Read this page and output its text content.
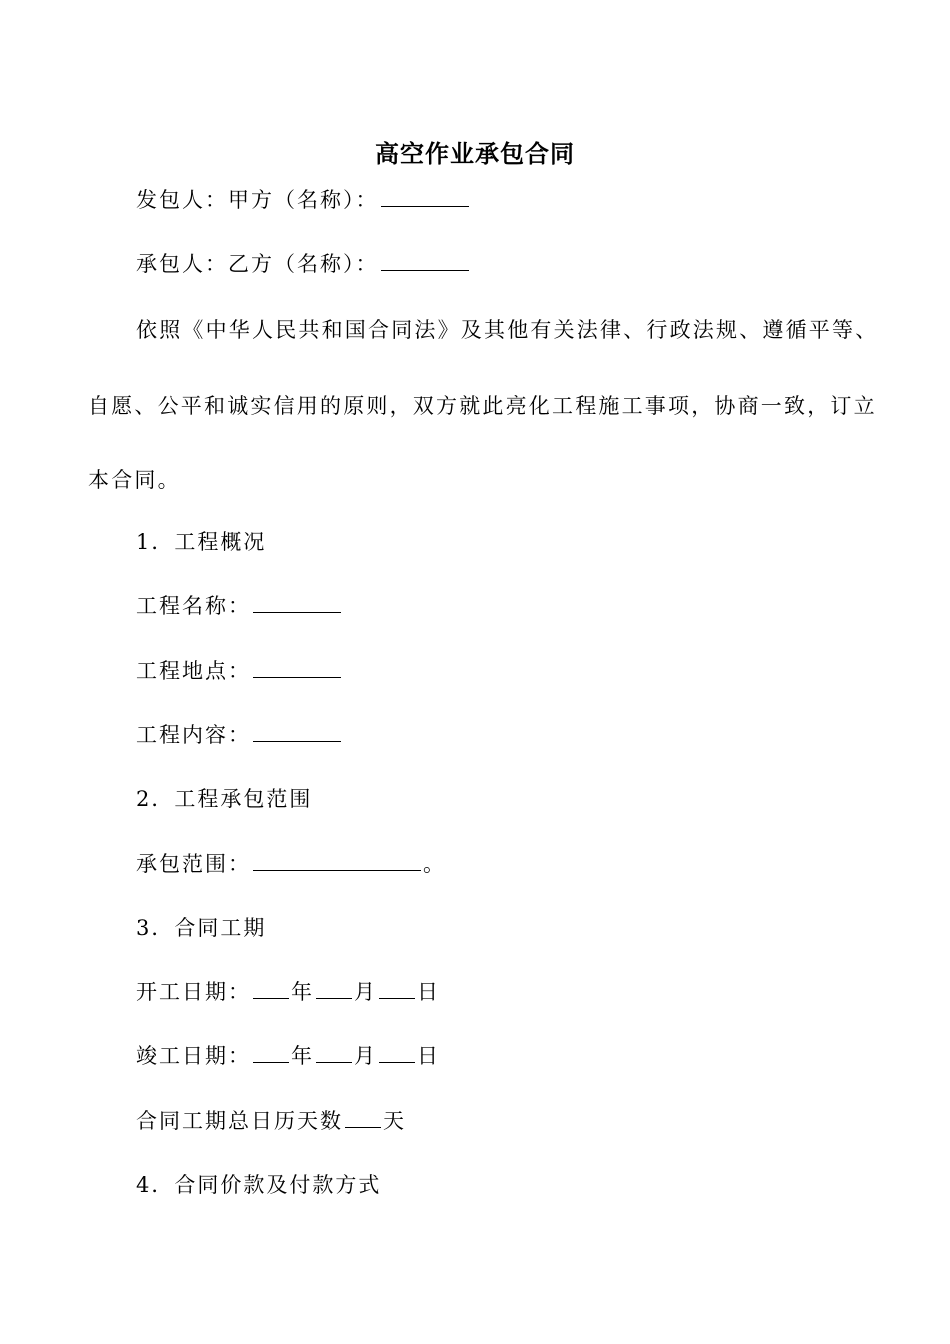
高空作业承包合同
发包人：甲方（名称）：
承包人：乙方（名称）：
依照《中华人民共和国合同法》及其他有关法律、行政法规、遵循平等、
自愿、公平和诚实信用的原则，双方就此亮化工程施工事项，协商一致，订立
本合同。
1．工程概况
工程名称：
工程地点：
工程内容：
2．工程承包范围
承包范围：	。
3．合同工期
开工日期： 年 月 日
竣工日期： 年 月 日
合同工期总日历天数 天
4．合同价款及付款方式
